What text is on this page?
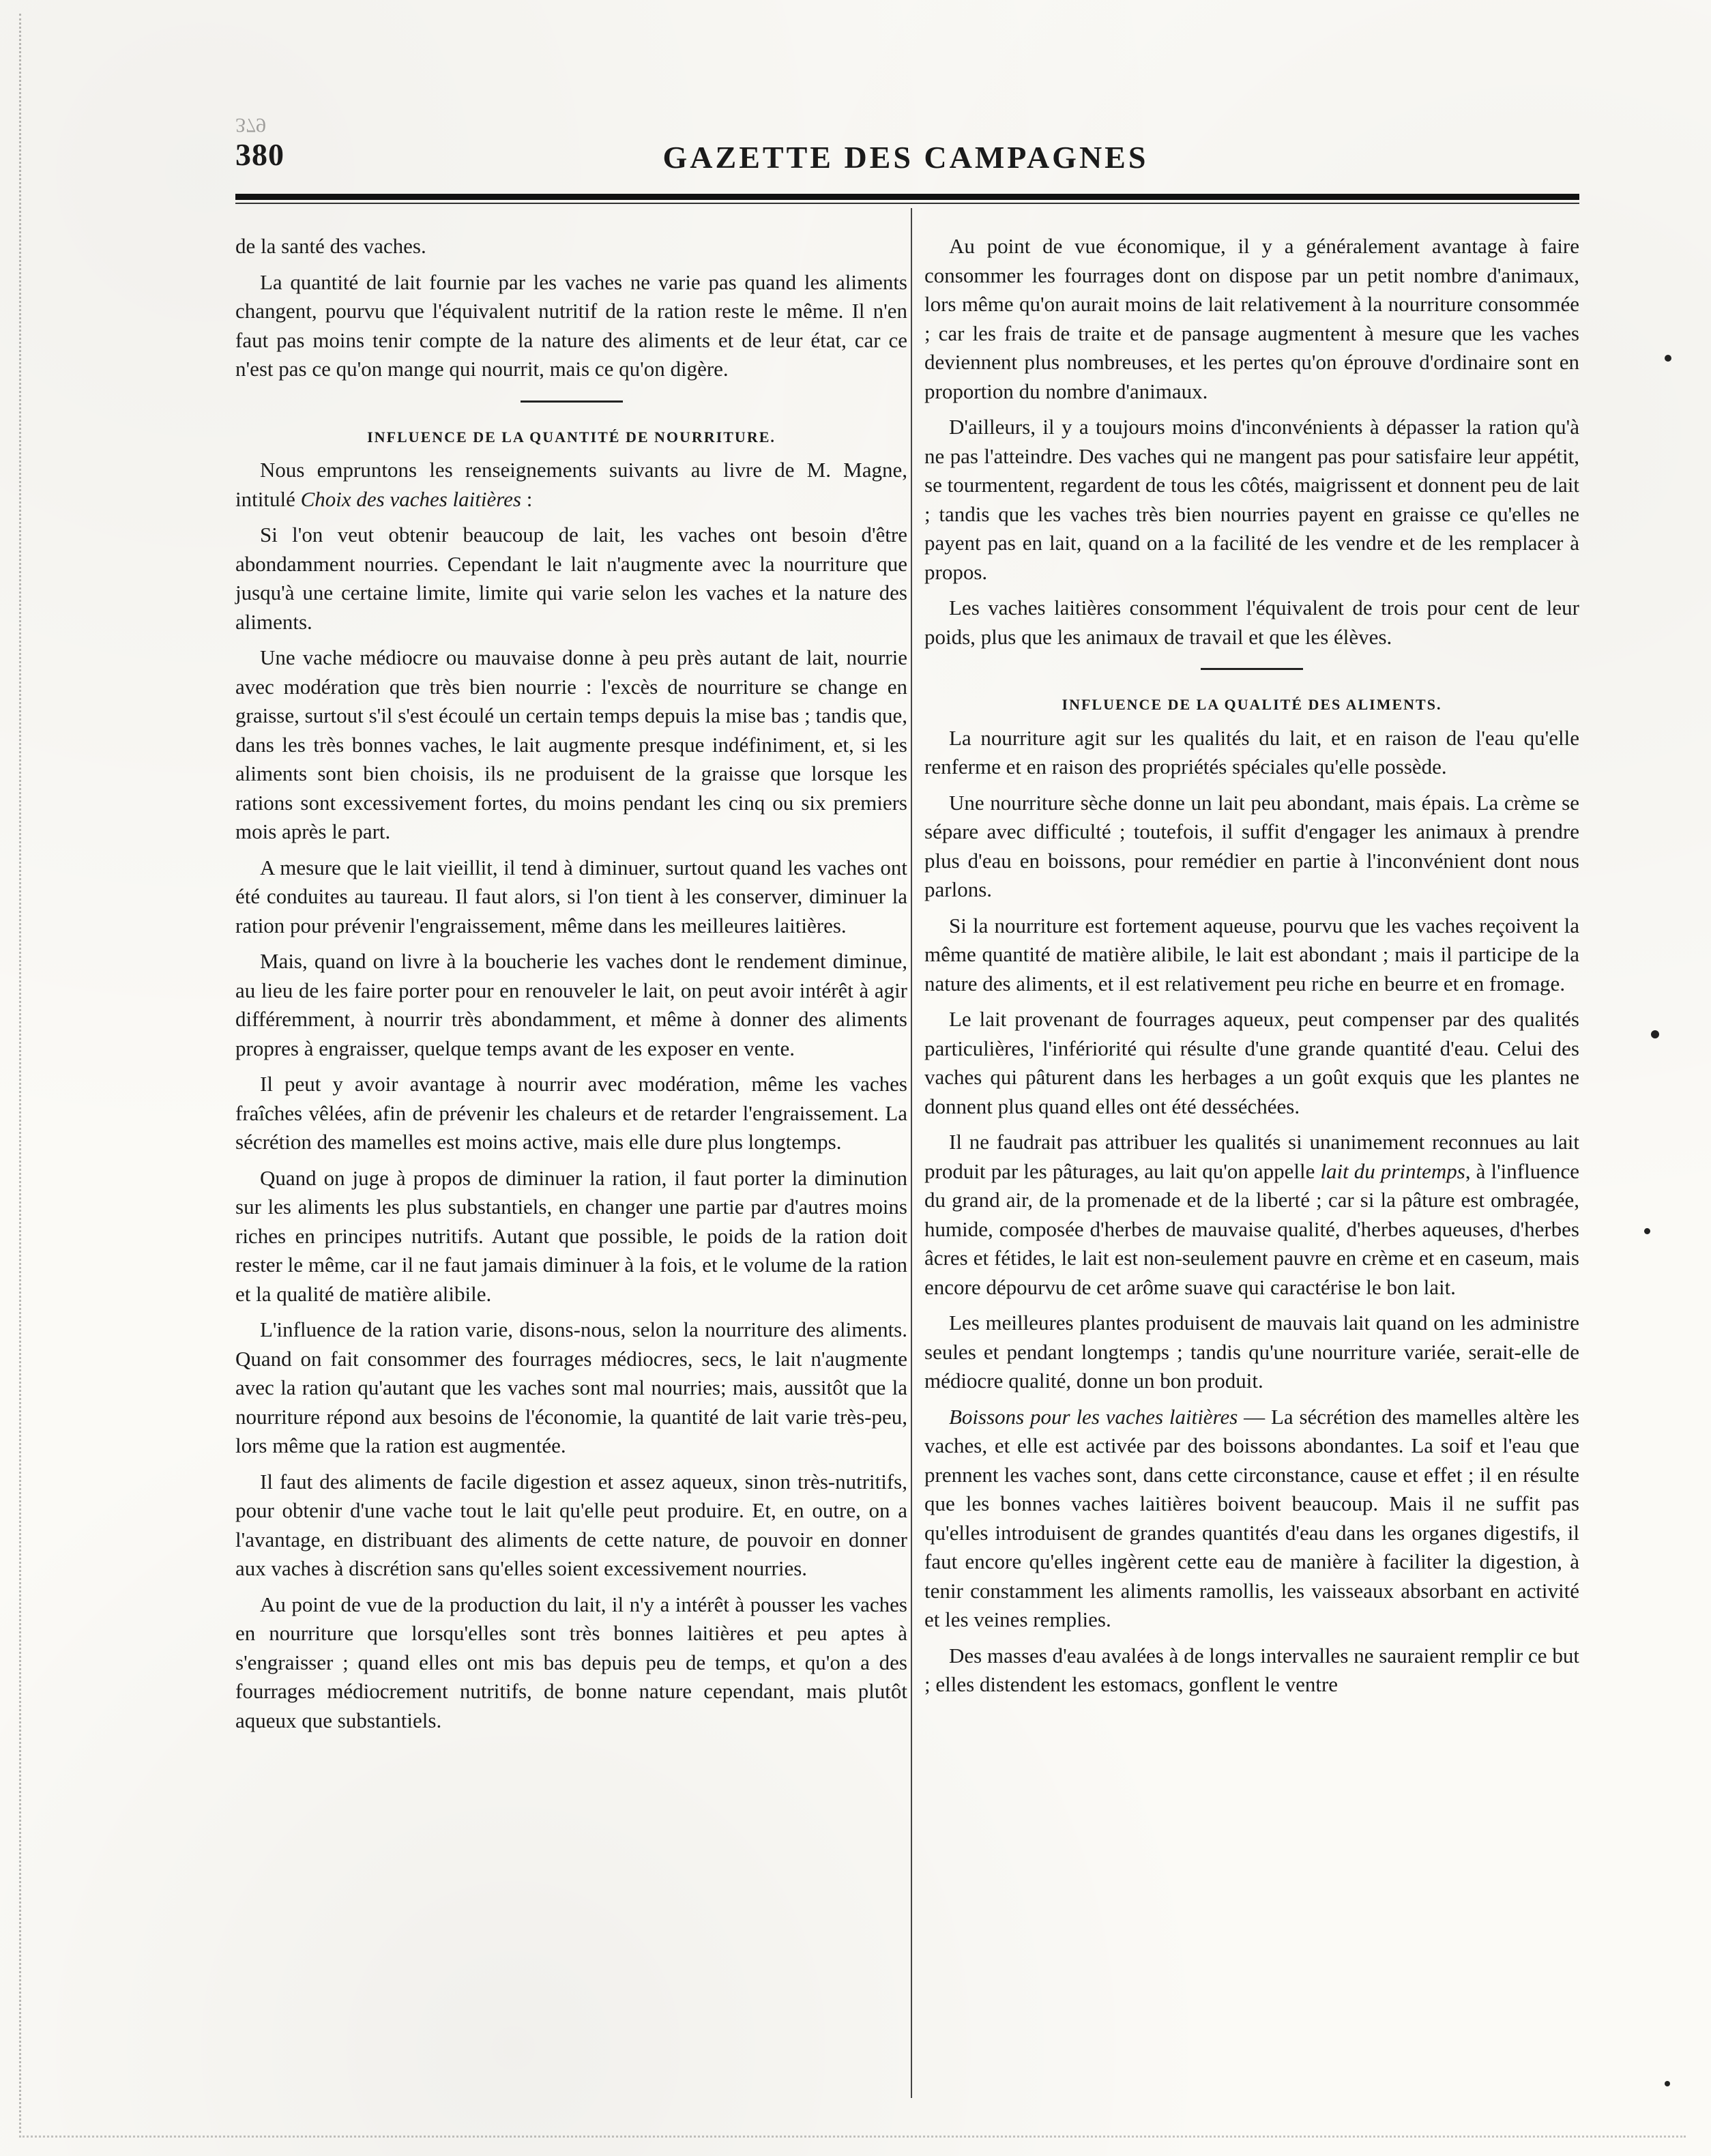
379
380	GAZETTE DES CAMPAGNES

de la santé des vaches.

La quantité de lait fournie par les vaches ne varie pas quand les aliments changent, pourvu que l'équivalent nutritif de la ration reste le même. Il n'en faut pas moins tenir compte de la nature des aliments et de leur état, car ce n'est pas ce qu'on mange qui nourrit, mais ce qu'on digère.

INFLUENCE DE LA QUANTITÉ DE NOURRITURE.

Nous empruntons les renseignements suivants au livre de M. Magne, intitulé Choix des vaches laitières :

Si l'on veut obtenir beaucoup de lait, les vaches ont besoin d'être abondamment nourries. Cependant le lait n'augmente avec la nourriture que jusqu'à une certaine limite, limite qui varie selon les vaches et la nature des aliments.

Une vache médiocre ou mauvaise donne à peu près autant de lait, nourrie avec modération que très bien nourrie : l'excès de nourriture se change en graisse, surtout s'il s'est écoulé un certain temps depuis la mise bas ; tandis que, dans les très bonnes vaches, le lait augmente presque indéfiniment, et, si les aliments sont bien choisis, ils ne produisent de la graisse que lorsque les rations sont excessivement fortes, du moins pendant les cinq ou six premiers mois après le part.

A mesure que le lait vieillit, il tend à diminuer, surtout quand les vaches ont été conduites au taureau. Il faut alors, si l'on tient à les conserver, diminuer la ration pour prévenir l'engraissement, même dans les meilleures laitières.

Mais, quand on livre à la boucherie les vaches dont le rendement diminue, au lieu de les faire porter pour en renouveler le lait, on peut avoir intérêt à agir différemment, à nourrir très abondamment, et même à donner des aliments propres à engraisser, quelque temps avant de les exposer en vente.

Il peut y avoir avantage à nourrir avec modération, même les vaches fraîches vêlées, afin de prévenir les chaleurs et de retarder l'engraissement. La sécrétion des mamelles est moins active, mais elle dure plus longtemps.

Quand on juge à propos de diminuer la ration, il faut porter la diminution sur les aliments les plus substantiels, en changer une partie par d'autres moins riches en principes nutritifs. Autant que possible, le poids de la ration doit rester le même, car il ne faut jamais diminuer à la fois, et le volume de la ration et la qualité de matière alibile.

L'influence de la ration varie, disons-nous, selon la nourriture des aliments. Quand on fait consommer des fourrages médiocres, secs, le lait n'augmente avec la ration qu'autant que les vaches sont mal nourries; mais, aussitôt que la nourriture répond aux besoins de l'économie, la quantité de lait varie très-peu, lors même que la ration est augmentée.

Il faut des aliments de facile digestion et assez aqueux, sinon très-nutritifs, pour obtenir d'une vache tout le lait qu'elle peut produire. Et, en outre, on a l'avantage, en distribuant des aliments de cette nature, de pouvoir en donner aux vaches à discrétion sans qu'elles soient excessivement nourries.

Au point de vue de la production du lait, il n'y a intérêt à pousser les vaches en nourriture que lorsqu'elles sont très bonnes laitières et peu aptes à s'engraisser ; quand elles ont mis bas depuis peu de temps, et qu'on a des fourrages médiocrement nutritifs, de bonne nature cependant, mais plutôt aqueux que substantiels.

Au point de vue économique, il y a généralement avantage à faire consommer les fourrages dont on dispose par un petit nombre d'animaux, lors même qu'on aurait moins de lait relativement à la nourriture consommée ; car les frais de traite et de pansage augmentent à mesure que les vaches deviennent plus nombreuses, et les pertes qu'on éprouve d'ordinaire sont en proportion du nombre d'animaux.

D'ailleurs, il y a toujours moins d'inconvénients à dépasser la ration qu'à ne pas l'atteindre. Des vaches qui ne mangent pas pour satisfaire leur appétit, se tourmentent, regardent de tous les côtés, maigrissent et donnent peu de lait ; tandis que les vaches très bien nourries payent en graisse ce qu'elles ne payent pas en lait, quand on a la facilité de les vendre et de les remplacer à propos.

Les vaches laitières consomment l'équivalent de trois pour cent de leur poids, plus que les animaux de travail et que les élèves.

INFLUENCE DE LA QUALITÉ DES ALIMENTS.

La nourriture agit sur les qualités du lait, et en raison de l'eau qu'elle renferme et en raison des propriétés spéciales qu'elle possède.

Une nourriture sèche donne un lait peu abondant, mais épais. La crème se sépare avec difficulté ; toutefois, il suffit d'engager les animaux à prendre plus d'eau en boissons, pour remédier en partie à l'inconvénient dont nous parlons.

Si la nourriture est fortement aqueuse, pourvu que les vaches reçoivent la même quantité de matière alibile, le lait est abondant ; mais il participe de la nature des aliments, et il est relativement peu riche en beurre et en fromage.

Le lait provenant de fourrages aqueux, peut compenser par des qualités particulières, l'infériorité qui résulte d'une grande quantité d'eau. Celui des vaches qui pâturent dans les herbages a un goût exquis que les plantes ne donnent plus quand elles ont été desséchées.

Il ne faudrait pas attribuer les qualités si unanimement reconnues au lait produit par les pâturages, au lait qu'on appelle lait du printemps, à l'influence du grand air, de la promenade et de la liberté ; car si la pâture est ombragée, humide, composée d'herbes de mauvaise qualité, d'herbes aqueuses, d'herbes âcres et fétides, le lait est non-seulement pauvre en crème et en caseum, mais encore dépourvu de cet arôme suave qui caractérise le bon lait.

Les meilleures plantes produisent de mauvais lait quand on les administre seules et pendant longtemps ; tandis qu'une nourriture variée, serait-elle de médiocre qualité, donne un bon produit.

Boissons pour les vaches laitières — La sécrétion des mamelles altère les vaches, et elle est activée par des boissons abondantes. La soif et l'eau que prennent les vaches sont, dans cette circonstance, cause et effet ; il en résulte que les bonnes vaches laitières boivent beaucoup. Mais il ne suffit pas qu'elles introduisent de grandes quantités d'eau dans les organes digestifs, il faut encore qu'elles ingèrent cette eau de manière à faciliter la digestion, à tenir constamment les aliments ramollis, les vaisseaux absorbant en activité et les veines remplies.

Des masses d'eau avalées à de longs intervalles ne sauraient remplir ce but ; elles distendent les estomacs, gonflent le ventre
